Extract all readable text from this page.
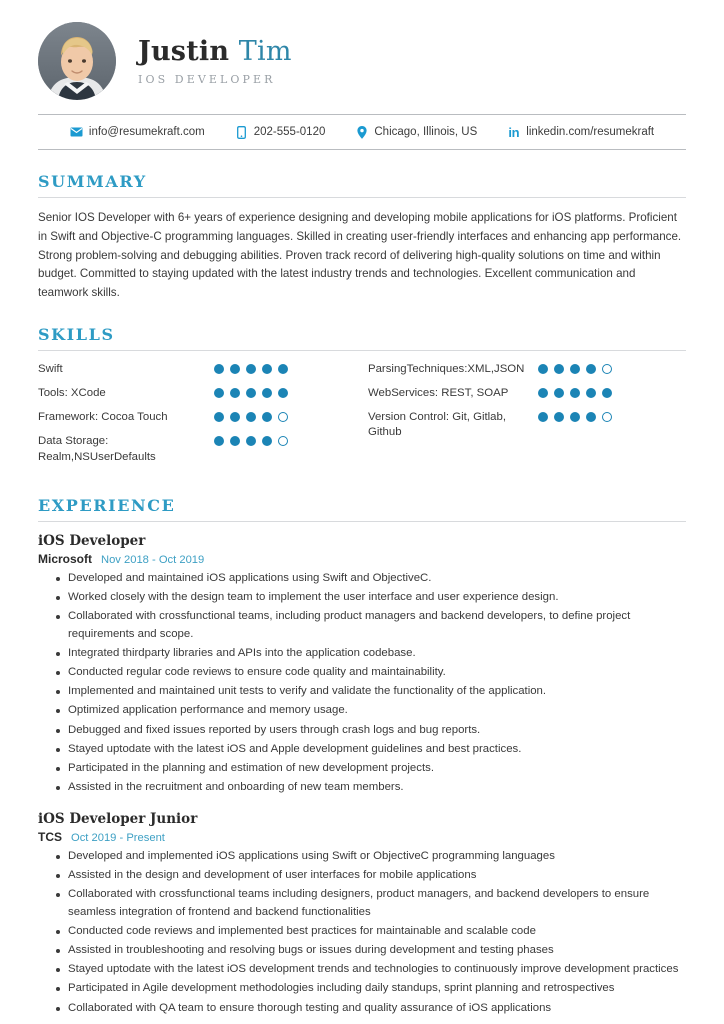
Justin Tim
IOS DEVELOPER
info@resumekraft.com	202-555-0120	Chicago, Illinois, US in linkedin.com/resumekraft
SUMMARY

Senior IOS Developer with 6+ years of experience designing and developing mobile applications for iOS platforms. Proficient in Swift and Objective-C programming languages. Skilled in creating user-friendly interfaces and enhancing app performance. Strong problem-solving and debugging abilities. Proven track record of delivering high-quality solutions on time and within budget. Committed to staying updated with the latest industry trends and technologies. Excellent communication and teamwork skills.

SKILLS
Swift
Tools: XCode
Framework: Cocoa Touch
Data Storage: Realm,NSUserDefaults
ParsingTechniques:XML,JSON
WebServices: REST, SOAP
Version Control: Git, Gitlab, Github
EXPERIENCE
iOS Developer
Microsoft Nov 2018 - Oct 2019
Developed and maintained iOS applications using Swift and ObjectiveC.
Worked closely with the design team to implement the user interface and user experience design.
Collaborated with crossfunctional teams, including product managers and backend developers, to define project requirements and scope.
Integrated thirdparty libraries and APIs into the application codebase.
Conducted regular code reviews to ensure code quality and maintainability.
Implemented and maintained unit tests to verify and validate the functionality of the application.
Optimized application performance and memory usage.
Debugged and fixed issues reported by users through crash logs and bug reports.
Stayed uptodate with the latest iOS and Apple development guidelines and best practices.
Participated in the planning and estimation of new development projects.
Assisted in the recruitment and onboarding of new team members.
iOS Developer Junior
TCS Oct 2019 - Present
Developed and implemented iOS applications using Swift or ObjectiveC programming languages
Assisted in the design and development of user interfaces for mobile applications
Collaborated with crossfunctional teams including designers, product managers, and backend developers to ensure seamless integration of frontend and backend functionalities
Conducted code reviews and implemented best practices for maintainable and scalable code
Assisted in troubleshooting and resolving bugs or issues during development and testing phases
Stayed uptodate with the latest iOS development trends and technologies to continuously improve development practices
Participated in Agile development methodologies including daily standups, sprint planning and retrospectives
Collaborated with QA team to ensure thorough testing and quality assurance of iOS applications
